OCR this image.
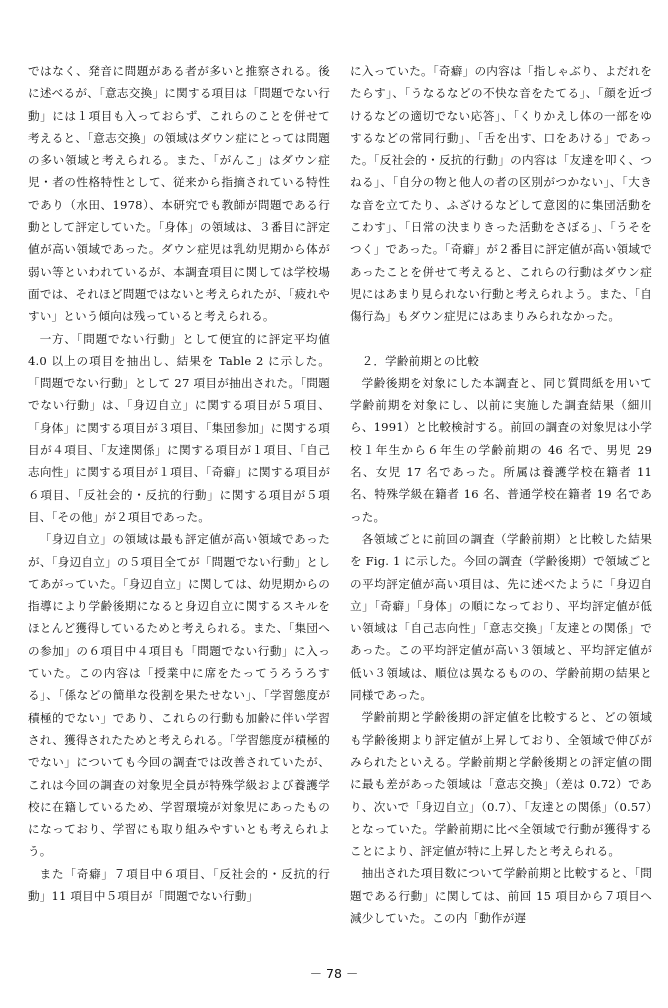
ではなく、発音に問題がある者が多いと推察される。後に述べるが、「意志交換」に関する項目は「問題でない行動」には１項目も入っておらず、これらのことを併せて考えると、「意志交換」の領域はダウン症にとっては問題の多い領域と考えられる。また、「がんこ」はダウン症児・者の性格特性として、従来から指摘されている特性であり（水田、1978）、本研究でも教師が問題である行動として評定していた。「身体」の領域は、３番目に評定値が高い領域であった。ダウン症児は乳幼児期から体が弱い等といわれているが、本調査項目に関しては学校場面では、それほど問題ではないと考えられたが、「疲れやすい」という傾向は残っていると考えられる。

一方、「問題でない行動」として便宜的に評定平均値 4.0 以上の項目を抽出し、結果を Table 2 に示した。「問題でない行動」として 27 項目が抽出された。「問題でない行動」は、「身辺自立」に関する項目が５項目、「身体」に関する項目が３項目、「集団参加」に関する項目が４項目、「友達関係」に関する項目が１項目、「自己志向性」に関する項目が１項目、「奇癖」に関する項目が６項目、「反社会的・反抗的行動」に関する項目が５項目、「その他」が２項目であった。

「身辺自立」の領域は最も評定値が高い領域であったが、「身辺自立」の５項目全てが「問題でない行動」としてあがっていた。「身辺自立」に関しては、幼児期からの指導により学齢後期になると身辺自立に関するスキルをほとんど獲得しているためと考えられる。また、「集団への参加」の６項目中４項目も「問題でない行動」に入っていた。この内容は「授業中に席をたってうろうろする」、「係などの簡単な役割を果たせない」、「学習態度が積極的でない」であり、これらの行動も加齢に伴い学習され、獲得されたためと考えられる。「学習態度が積極的でない」についても今回の調査では改善されていたが、これは今回の調査の対象児全員が特殊学級および養護学校に在籍しているため、学習環境が対象児にあったものになっており、学習にも取り組みやすいとも考えられよう。

また「奇癖」７項目中６項目、「反社会的・反抗的行動」11 項目中５項目が「問題でない行動」

に入っていた。「奇癖」の内容は「指しゃぶり、よだれをたらす」、「うなるなどの不快な音をたてる」、「顔を近づけるなどの適切でない応答」、「くりかえし体の一部をゆするなどの常同行動」、「舌を出す、口をあける」であった。「反社会的・反抗的行動」の内容は「友達を叩く、つねる」、「自分の物と他人の者の区別がつかない」、「大きな音を立てたり、ふざけるなどして意図的に集団活動をこわす」、「日常の決まりきった活動をさぼる」、「うそをつく」であった。「奇癖」が２番目に評定値が高い領域であったことを併せて考えると、これらの行動はダウン症児にはあまり見られない行動と考えられよう。また、「自傷行為」もダウン症児にはあまりみられなかった。

２．学齢前期との比較

学齢後期を対象にした本調査と、同じ質問紙を用いて学齢前期を対象にし、以前に実施した調査結果（細川ら、1991）と比較検討する。前回の調査の対象児は小学校１年生から６年生の学齢前期の 46 名で、男児 29 名、女児 17 名であった。所属は養護学校在籍者 11 名、特殊学級在籍者 16 名、普通学校在籍者 19 名であった。

各領域ごとに前回の調査（学齢前期）と比較した結果を Fig. 1 に示した。今回の調査（学齢後期）で領域ごとの平均評定値が高い項目は、先に述べたように「身辺自立」「奇癖」「身体」の順になっており、平均評定値が低い領域は「自己志向性」「意志交換」「友達との関係」であった。この平均評定値が高い３領域と、平均評定値が低い３領域は、順位は異なるものの、学齢前期の結果と同様であった。

学齢前期と学齢後期の評定値を比較すると、どの領域も学齢後期より評定値が上昇しており、全領域で伸びがみられたといえる。学齢前期と学齢後期との評定値の間に最も差があった領域は「意志交換」（差は 0.72）であり、次いで「身辺自立」（0.7）、「友達との関係」（0.57）となっていた。学齢前期に比べ全領域で行動が獲得することにより、評定値が特に上昇したと考えられる。

抽出された項目数について学齢前期と比較すると、「問題である行動」に関しては、前回 15 項目から７項目へ減少していた。この内「動作が遅

－ 78 －
